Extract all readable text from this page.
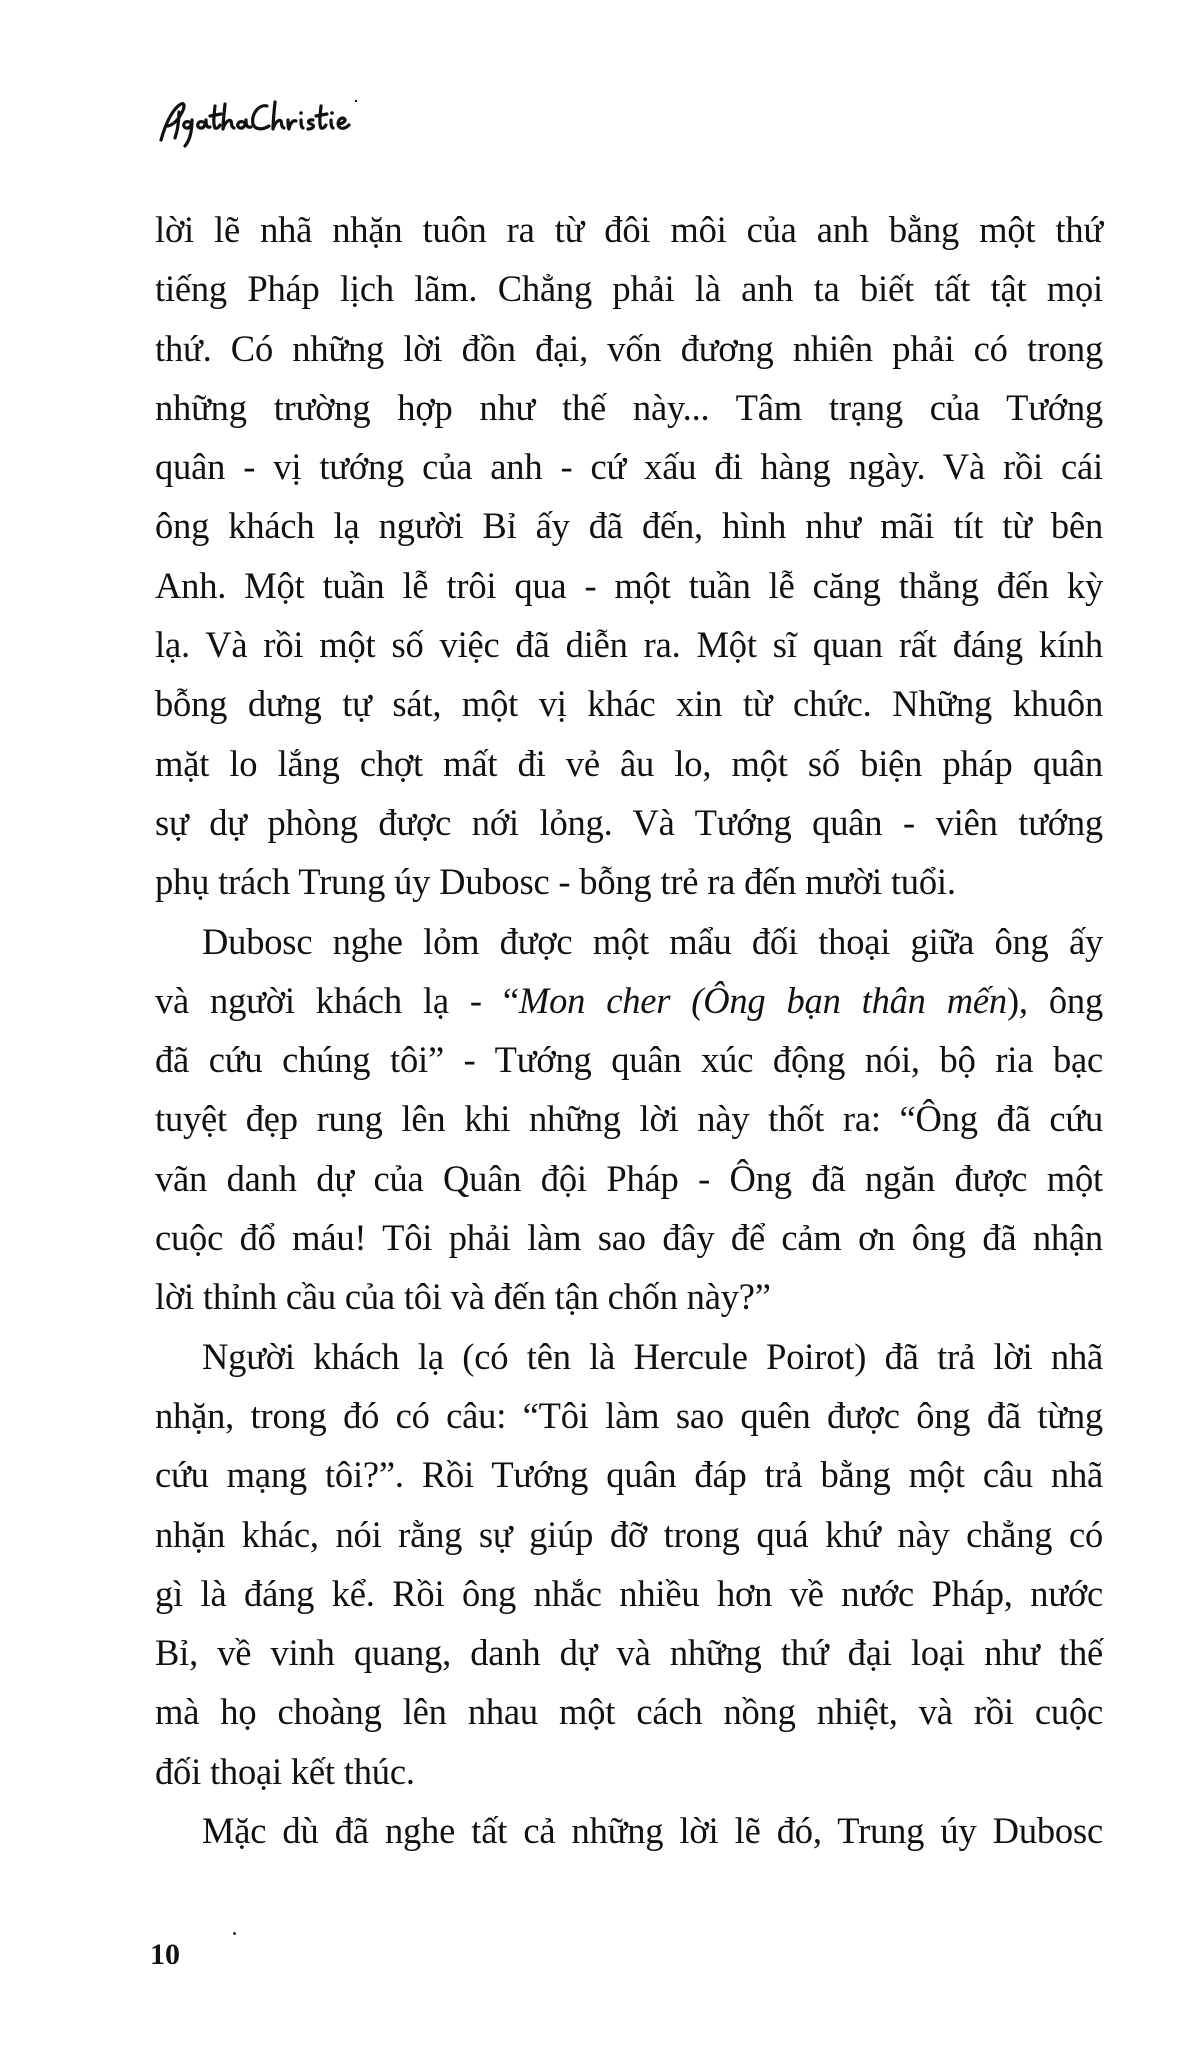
lời lẽ nhã nhặn tuôn ra từ đôi môi của anh bằng một thứ
tiếng Pháp lịch lãm. Chẳng phải là anh ta biết tất tật mọi
thứ. Có những lời đồn đại, vốn đương nhiên phải có trong
những trường hợp như thế này... Tâm trạng của Tướng
quân - vị tướng của anh - cứ xấu đi hàng ngày. Và rồi cái
ông khách lạ người Bỉ ấy đã đến, hình như mãi tít từ bên
Anh. Một tuần lễ trôi qua - một tuần lễ căng thẳng đến kỳ
lạ. Và rồi một số việc đã diễn ra. Một sĩ quan rất đáng kính
bỗng dưng tự sát, một vị khác xin từ chức. Những khuôn
mặt lo lắng chợt mất đi vẻ âu lo, một số biện pháp quân
sự dự phòng được nới lỏng. Và Tướng quân - viên tướng
phụ trách Trung úy Dubosc - bỗng trẻ ra đến mười tuổi.
Dubosc nghe lỏm được một mẩu đối thoại giữa ông ấy
và người khách lạ - “Mon cher (Ông bạn thân mến), ông
đã cứu chúng tôi” - Tướng quân xúc động nói, bộ ria bạc
tuyệt đẹp rung lên khi những lời này thốt ra: “Ông đã cứu
vãn danh dự của Quân đội Pháp - Ông đã ngăn được một
cuộc đổ máu! Tôi phải làm sao đây để cảm ơn ông đã nhận
lời thỉnh cầu của tôi và đến tận chốn này?”
Người khách lạ (có tên là Hercule Poirot) đã trả lời nhã
nhặn, trong đó có câu: “Tôi làm sao quên được ông đã từng
cứu mạng tôi?”. Rồi Tướng quân đáp trả bằng một câu nhã
nhặn khác, nói rằng sự giúp đỡ trong quá khứ này chẳng có
gì là đáng kể. Rồi ông nhắc nhiều hơn về nước Pháp, nước
Bỉ, về vinh quang, danh dự và những thứ đại loại như thế
mà họ choàng lên nhau một cách nồng nhiệt, và rồi cuộc
đối thoại kết thúc.
Mặc dù đã nghe tất cả những lời lẽ đó, Trung úy Dubosc
10
